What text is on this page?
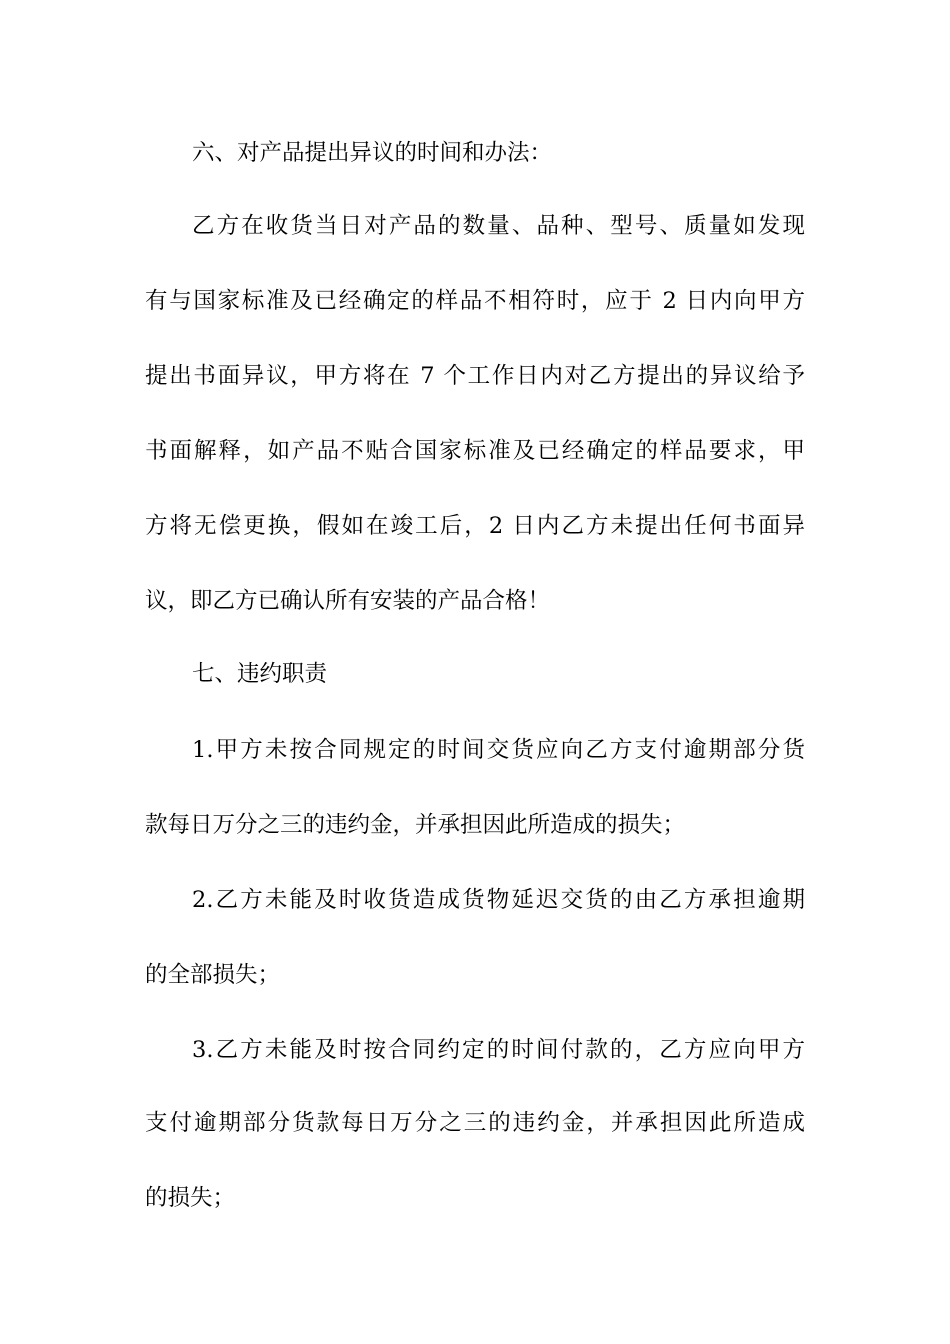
六、对产品提出异议的时间和办法：

乙方在收货当日对产品的数量、品种、型号、质量如发现

有与国家标准及已经确定的样品不相符时，应于 2 日内向甲方

提出书面异议，甲方将在 7 个工作日内对乙方提出的异议给予

书面解释，如产品不贴合国家标准及已经确定的样品要求，甲

方将无偿更换，假如在竣工后，2 日内乙方未提出任何书面异

议，即乙方已确认所有安装的产品合格！

七、违约职责

1.甲方未按合同规定的时间交货应向乙方支付逾期部分货

款每日万分之三的违约金，并承担因此所造成的损失；

2.乙方未能及时收货造成货物延迟交货的由乙方承担逾期

的全部损失；

3.乙方未能及时按合同约定的时间付款的，乙方应向甲方

支付逾期部分货款每日万分之三的违约金，并承担因此所造成

的损失；
